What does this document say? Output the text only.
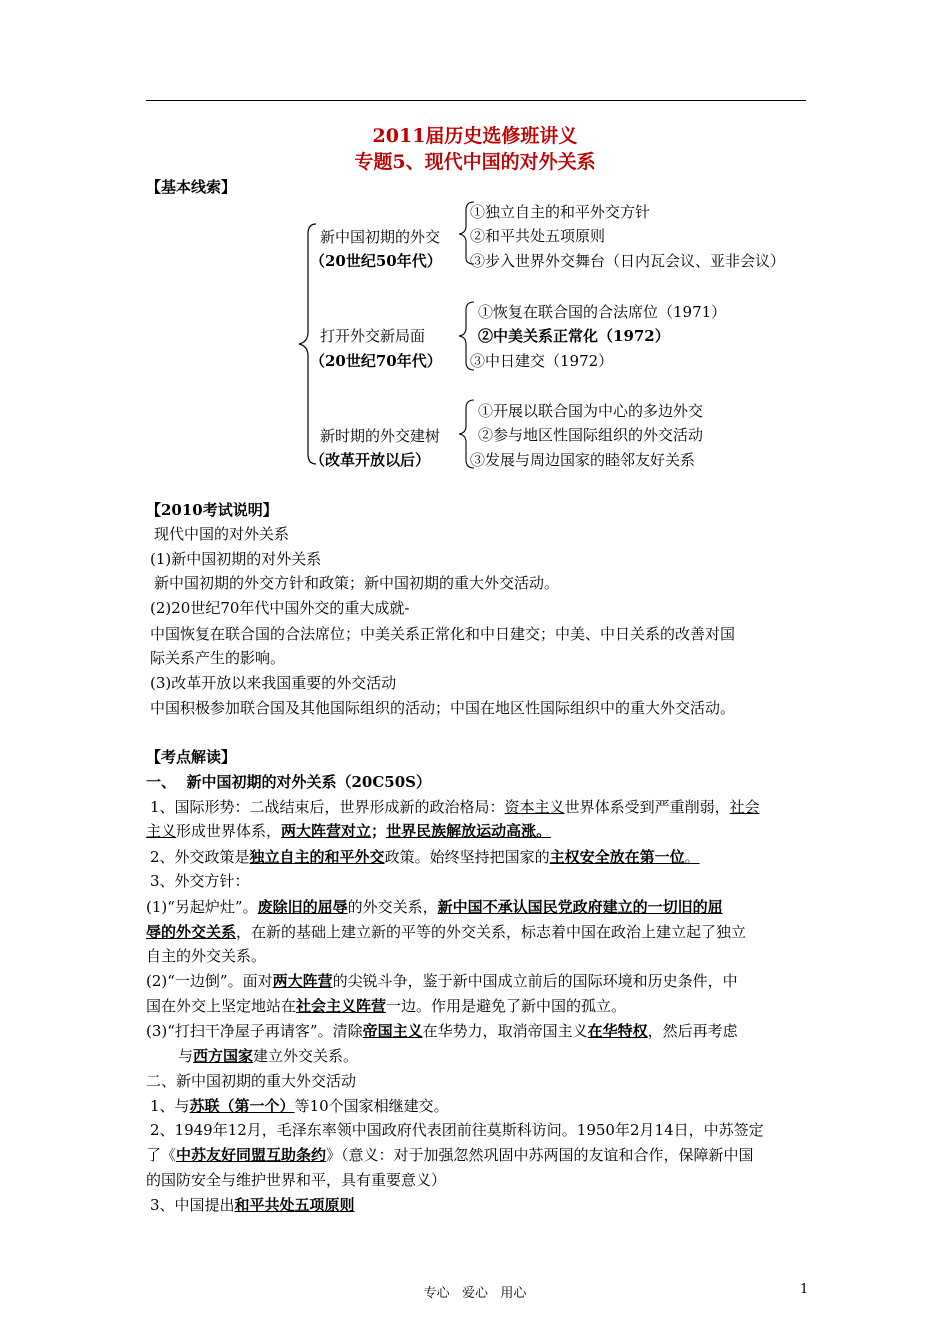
2011届历史选修班讲义
专题5、现代中国的对外关系
【基本线索】
新中国初期的外交
（20世纪50年代）
①独立自主的和平外交方针
②和平共处五项原则
③步入世界外交舞台（日内瓦会议、亚非会议）
打开外交新局面
（20世纪70年代）
①恢复在联合国的合法席位（1971）
②中美关系正常化（1972）
③中日建交（1972）
新时期的外交建树
（改革开放以后）
①开展以联合国为中心的多边外交
②参与地区性国际组织的外交活动
③发展与周边国家的睦邻友好关系
【2010考试说明】
现代中国的对外关系
(1)新中国初期的对外关系
新中国初期的外交方针和政策；新中国初期的重大外交活动。
(2)20世纪70年代中国外交的重大成就-
中国恢复在联合国的合法席位；中美关系正常化和中日建交；中美、中日关系的改善对国
际关系产生的影响。
(3)改革开放以来我国重要的外交活动
中国积极参加联合国及其他国际组织的活动；中国在地区性国际组织中的重大外交活动。
【考点解读】
一、  新中国初期的对外关系（20C50S）
1、国际形势：二战结束后，世界形成新的政治格局：资本主义世界体系受到严重削弱，社会
主义形成世界体系，两大阵营对立；世界民族解放运动高涨。
2、外交政策是独立自主的和平外交政策。始终坚持把国家的主权安全放在第一位。
3、外交方针：
(1)“另起炉灶”。废除旧的屈辱的外交关系，新中国不承认国民党政府建立的一切旧的屈
辱的外交关系，在新的基础上建立新的平等的外交关系，标志着中国在政治上建立起了独立
自主的外交关系。
(2)“一边倒”。面对两大阵营的尖锐斗争，鉴于新中国成立前后的国际环境和历史条件，中
国在外交上坚定地站在社会主义阵营一边。作用是避免了新中国的孤立。
(3)“打扫干净屋子再请客”。清除帝国主义在华势力，取消帝国主义在华特权，然后再考虑
与西方国家建立外交关系。
二、新中国初期的重大外交活动
1、与苏联（第一个）等10个国家相继建交。
2、1949年12月，毛泽东率领中国政府代表团前往莫斯科访问。1950年2月14日，中苏签定
了《中苏友好同盟互助条约》（意义：对于加强忽然巩固中苏两国的友谊和合作，保障新中国
的国防安全与维护世界和平，具有重要意义）
3、中国提出和平共处五项原则
专心   爱心   用心	1
